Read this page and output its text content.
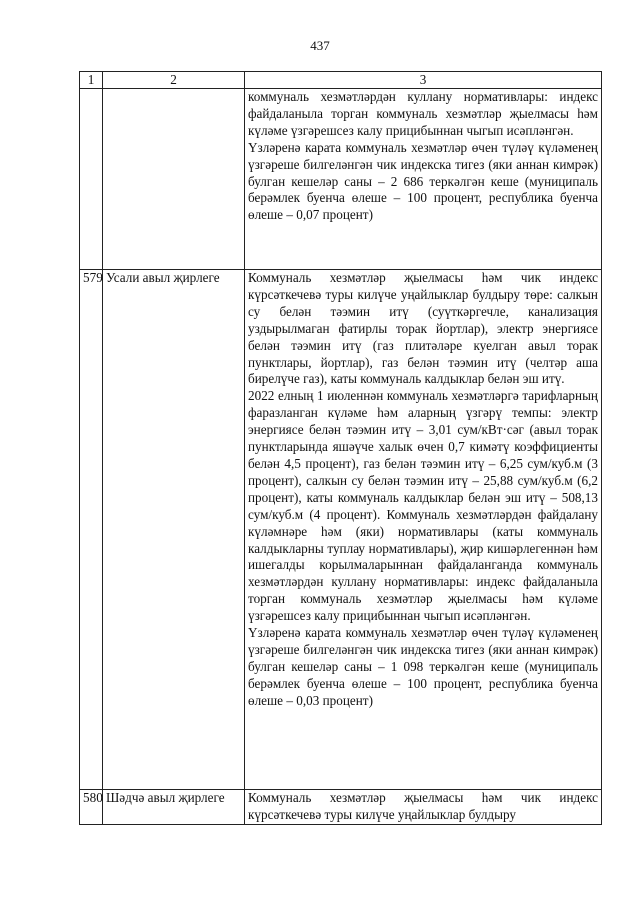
437
1	2	3

		коммуналь хезмәтләрдән куллану нормативлары: индекс файдаланыла торган коммуналь хезмәтләр җыелмасы һәм күләме үзгәрешсез калу прицибыннан чыгып исәпләнгән.

Үзләренә карата коммуналь хезмәтләр өчен түләү күләменең үзгәреше билгеләнгән чик индекска тигез (яки аннан кимрәк) булган кешеләр саны – 2 686 теркәлгән кеше (муниципаль берәмлек буенча өлеше – 100 процент, республика буенча өлеше – 0,07 процент)

579	Усали авыл җирлеге	Коммуналь хезмәтләр җыелмасы һәм чик индекс күрсәткечевә туры килүче уңайлыклар булдыру төре: салкын су белән тәэмин итү (суүткәргечле, канализация уздырылмаган фатирлы торак йортлар), электр энергиясе белән тәэмин итү (газ плитәләре куелган авыл торак пунктлары, йортлар), газ белән тәэмин итү (челтәр аша бирелүче газ), каты коммуналь калдыклар белән эш итү.

2022 елның 1 июленнән коммуналь хезмәтләргә тарифларның фаразланган күләме һәм аларның үзгәрү темпы: электр энергиясе белән тәэмин итү – 3,01 сум/кВт·сәг (авыл торак пунктларында яшәүче халык өчен 0,7 кимәтү коэффициенты белән 4,5 процент), газ белән тәэмин итү – 6,25 сум/куб.м (3 процент), салкын су белән тәэмин итү – 25,88 сум/куб.м (6,2 процент), каты коммуналь калдыклар белән эш итү – 508,13 сум/куб.м (4 процент). Коммуналь хезмәтләрдән файдалану күләмнәре һәм (яки) нормативлары (каты коммуналь калдыкларны туплау нормативлары), җир кишәрлегеннән һәм ишегалды корылмаларыннан файдаланганда коммуналь хезмәтләрдән куллану нормативлары: индекс файдаланыла торган коммуналь хезмәтләр җыелмасы һәм күләме үзгәрешсез калу прицибыннан чыгып исәпләнгән.

Үзләренә карата коммуналь хезмәтләр өчен түләү күләменең үзгәреше билгеләнгән чик индекска тигез (яки аннан кимрәк) булган кешеләр саны – 1 098 теркәлгән кеше (муниципаль берәмлек буенча өлеше – 100 процент, республика буенча өлеше – 0,03 процент)

580	Шәдчә авыл җирлеге	Коммуналь хезмәтләр җыелмасы һәм чик индекс күрсәткечевә туры килүче уңайлыклар булдыру
